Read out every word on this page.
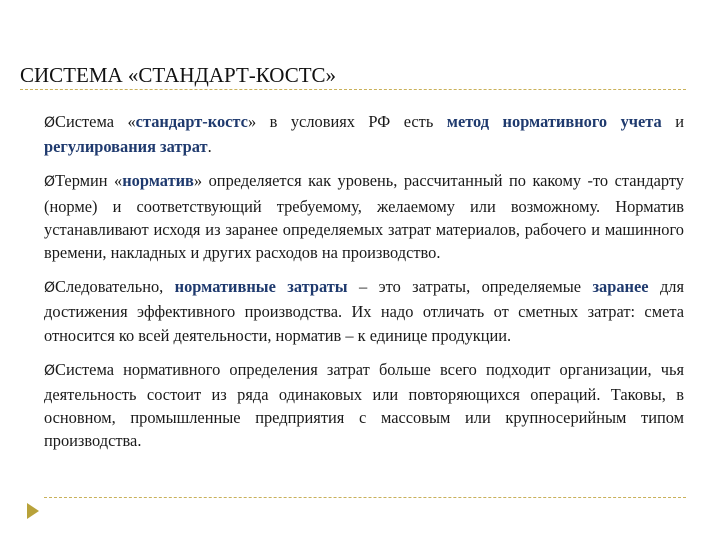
СИСТЕМА «СТАНДАРТ-КОСТС»

ØСистема «стандарт-костс» в условиях РФ есть метод нормативного учета и регулирования затрат.

ØТермин «норматив» определяется как уровень, рассчитанный по какому -то стандарту (норме) и соответствующий требуемому, желаемому или возможному. Норматив устанавливают исходя из заранее определяемых затрат материалов, рабочего и машинного времени, накладных и других расходов на производство.

ØСледовательно, нормативные затраты – это затраты, определяемые заранее для достижения эффективного производства. Их надо отличать от сметных затрат: смета относится ко всей деятельности, норматив – к единице продукции.

ØСистема нормативного определения затрат больше всего подходит организации, чья деятельность состоит из ряда одинаковых или повторяющихся операций. Таковы, в основном, промышленные предприятия с массовым или крупносерийным типом производства.
